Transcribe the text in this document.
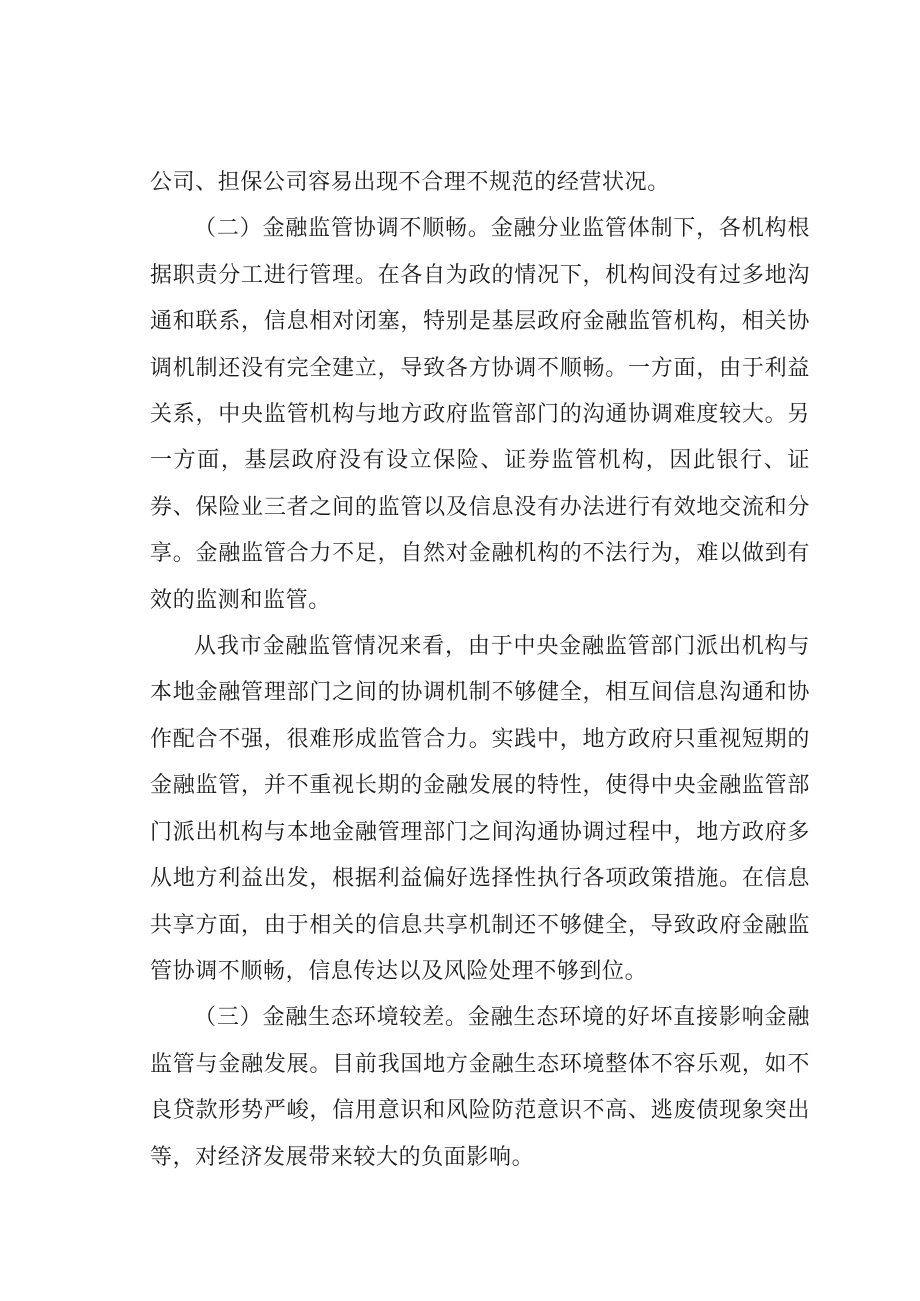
公司、担保公司容易出现不合理不规范的经营状况。

（二）金融监管协调不顺畅。金融分业监管体制下，各机构根据职责分工进行管理。在各自为政的情况下，机构间没有过多地沟通和联系，信息相对闭塞，特别是基层政府金融监管机构，相关协调机制还没有完全建立，导致各方协调不顺畅。一方面，由于利益关系，中央监管机构与地方政府监管部门的沟通协调难度较大。另一方面，基层政府没有设立保险、证券监管机构，因此银行、证券、保险业三者之间的监管以及信息没有办法进行有效地交流和分享。金融监管合力不足，自然对金融机构的不法行为，难以做到有效的监测和监管。

从我市金融监管情况来看，由于中央金融监管部门派出机构与本地金融管理部门之间的协调机制不够健全，相互间信息沟通和协作配合不强，很难形成监管合力。实践中，地方政府只重视短期的金融监管，并不重视长期的金融发展的特性，使得中央金融监管部门派出机构与本地金融管理部门之间沟通协调过程中，地方政府多从地方利益出发，根据利益偏好选择性执行各项政策措施。在信息共享方面，由于相关的信息共享机制还不够健全，导致政府金融监管协调不顺畅，信息传达以及风险处理不够到位。

（三）金融生态环境较差。金融生态环境的好坏直接影响金融监管与金融发展。目前我国地方金融生态环境整体不容乐观，如不良贷款形势严峻，信用意识和风险防范意识不高、逃废债现象突出等，对经济发展带来较大的负面影响。
